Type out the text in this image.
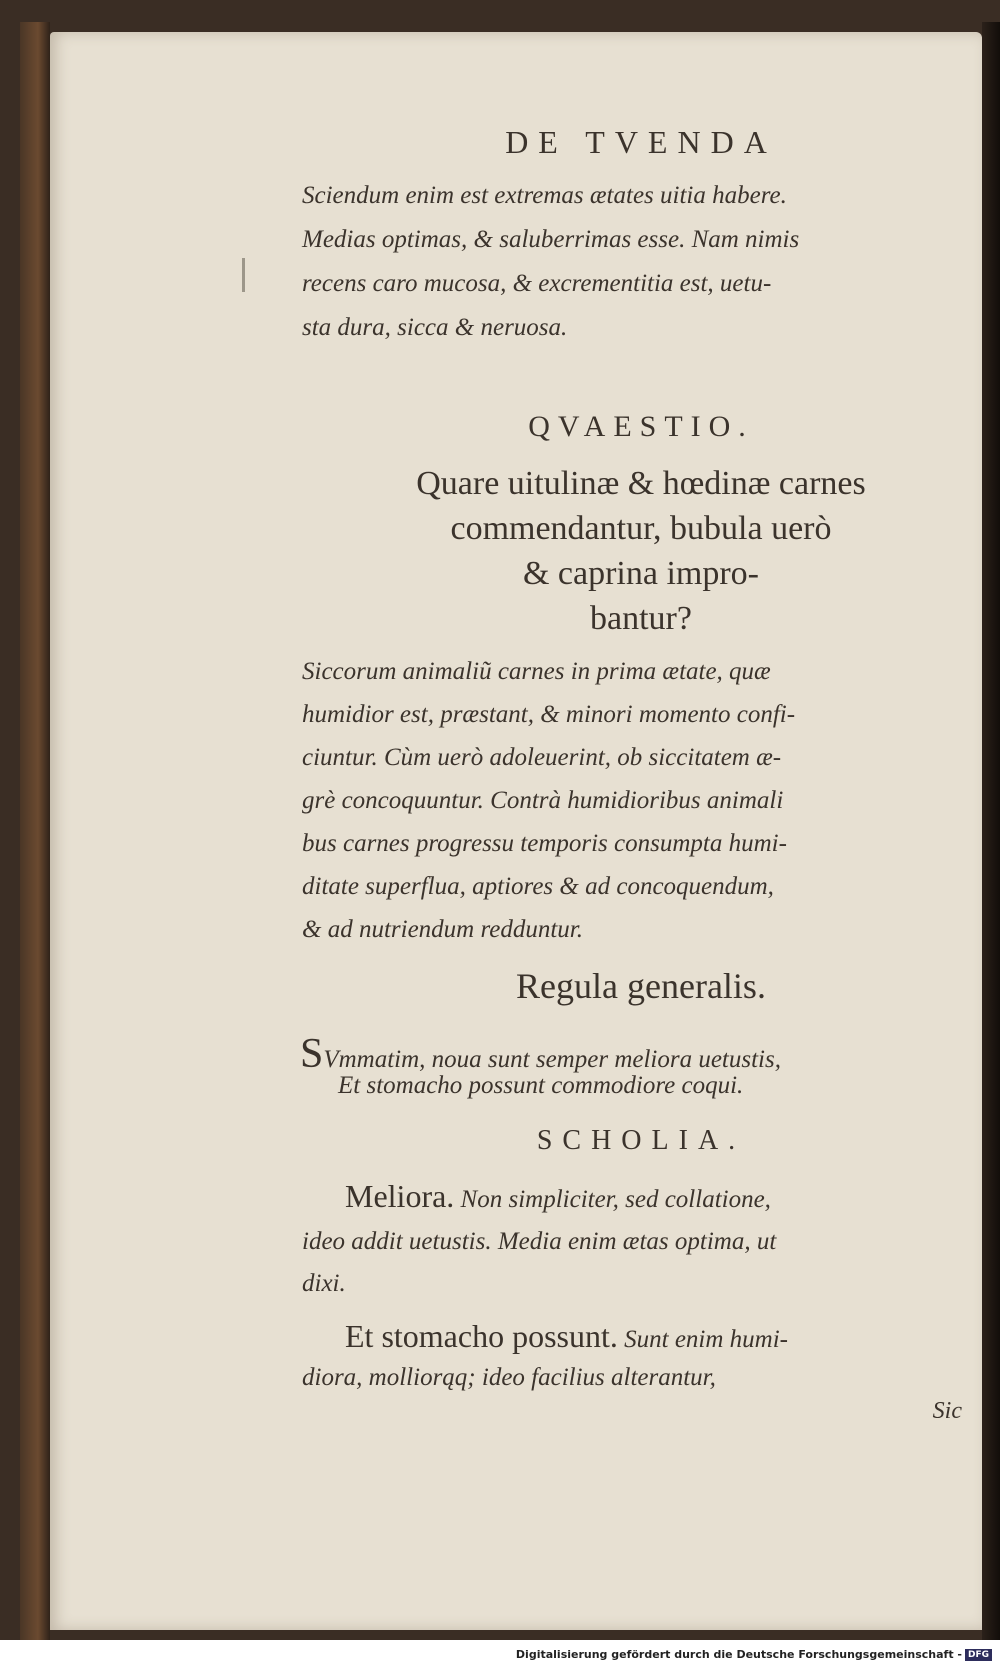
DE TVENDA
Sciendum enim est extremas ætates uitia habere.
Medias optimas, & saluberrimas esse. Nam nimis
recens caro mucosa, & excrementitia est, uetu-
sta dura, sicca & neruosa.
QVAESTIO.
Quare uitulinæ & hœdinæ carnes
commendantur, bubula uerò
& caprina impro-
bantur?
Siccorum animaliũ carnes in prima ætate, quæ
humidior est, præstant, & minori momento confi-
ciuntur. Cùm uerò adoleuerint, ob siccitatem æ-
grè concoquuntur. Contrà humidioribus animali
bus carnes progressu temporis consumpta humi-
ditate superflua, aptiores & ad concoquendum,
& ad nutriendum redduntur.
Regula generalis.
SVmmatim, noua sunt semper meliora uetustis,
Et stomacho possunt commodiore coqui.
SCHOLIA.
Meliora. Non simpliciter, sed collatione,
ideo addit uetustis. Media enim ætas optima, ut
dixi.
Et stomacho possunt. Sunt enim humi-
diora, molliorąq; ideo facilius alterantur,
Sic
Digitalisierung gefördert durch die Deutsche Forschungsgemeinschaft - DFG
